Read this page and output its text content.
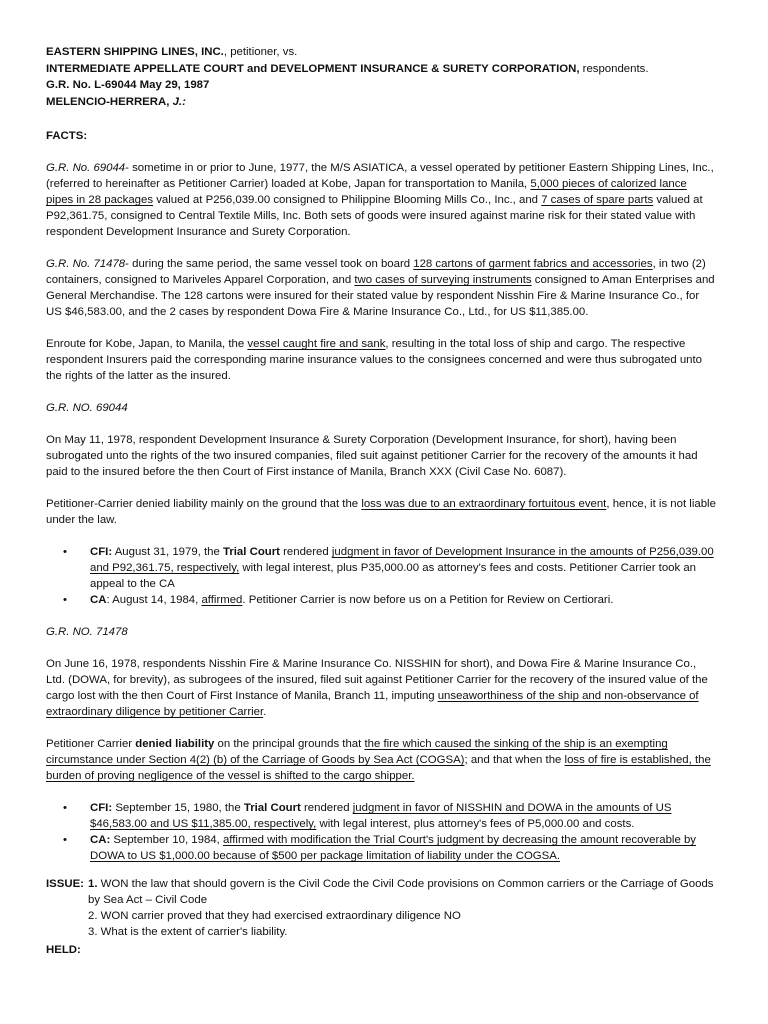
EASTERN SHIPPING LINES, INC., petitioner, vs.
INTERMEDIATE APPELLATE COURT and DEVELOPMENT INSURANCE & SURETY CORPORATION, respondents.
G.R. No. L-69044 May 29, 1987
MELENCIO-HERRERA, J.:

FACTS:

G.R. No. 69044- sometime in or prior to June, 1977, the M/S ASIATICA, a vessel operated by petitioner Eastern Shipping Lines, Inc., (referred to hereinafter as Petitioner Carrier) loaded at Kobe, Japan for transportation to Manila, 5,000 pieces of calorized lance pipes in 28 packages valued at P256,039.00 consigned to Philippine Blooming Mills Co., Inc., and 7 cases of spare parts valued at P92,361.75, consigned to Central Textile Mills, Inc. Both sets of goods were insured against marine risk for their stated value with respondent Development Insurance and Surety Corporation.

G.R. No. 71478- during the same period, the same vessel took on board 128 cartons of garment fabrics and accessories, in two (2) containers, consigned to Mariveles Apparel Corporation, and two cases of surveying instruments consigned to Aman Enterprises and General Merchandise. The 128 cartons were insured for their stated value by respondent Nisshin Fire & Marine Insurance Co., for US $46,583.00, and the 2 cases by respondent Dowa Fire & Marine Insurance Co., Ltd., for US $11,385.00.

Enroute for Kobe, Japan, to Manila, the vessel caught fire and sank, resulting in the total loss of ship and cargo. The respective respondent Insurers paid the corresponding marine insurance values to the consignees concerned and were thus subrogated unto the rights of the latter as the insured.

G.R. NO. 69044

On May 11, 1978, respondent Development Insurance & Surety Corporation (Development Insurance, for short), having been subrogated unto the rights of the two insured companies, filed suit against petitioner Carrier for the recovery of the amounts it had paid to the insured before the then Court of First instance of Manila, Branch XXX (Civil Case No. 6087).

Petitioner-Carrier denied liability mainly on the ground that the loss was due to an extraordinary fortuitous event, hence, it is not liable under the law.

• CFI: August 31, 1979, the Trial Court rendered judgment in favor of Development Insurance in the amounts of P256,039.00 and P92,361.75, respectively, with legal interest, plus P35,000.00 as attorney's fees and costs. Petitioner Carrier took an appeal to the CA
• CA: August 14, 1984, affirmed. Petitioner Carrier is now before us on a Petition for Review on Certiorari.

G.R. NO. 71478

On June 16, 1978, respondents Nisshin Fire & Marine Insurance Co. NISSHIN for short), and Dowa Fire & Marine Insurance Co., Ltd. (DOWA, for brevity), as subrogees of the insured, filed suit against Petitioner Carrier for the recovery of the insured value of the cargo lost with the then Court of First Instance of Manila, Branch 11, imputing unseaworthiness of the ship and non-observance of extraordinary diligence by petitioner Carrier.

Petitioner Carrier denied liability on the principal grounds that the fire which caused the sinking of the ship is an exempting circumstance under Section 4(2) (b) of the Carriage of Goods by Sea Act (COGSA); and that when the loss of fire is established, the burden of proving negligence of the vessel is shifted to the cargo shipper.

• CFI: September 15, 1980, the Trial Court rendered judgment in favor of NISSHIN and DOWA in the amounts of US $46,583.00 and US $11,385.00, respectively, with legal interest, plus attorney's fees of P5,000.00 and costs.
• CA: September 10, 1984, affirmed with modification the Trial Court's judgment by decreasing the amount recoverable by DOWA to US $1,000.00 because of $500 per package limitation of liability under the COGSA.
ISSUE: 1. WON the law that should govern is the Civil Code the Civil Code provisions on Common carriers or the Carriage of Goods by Sea Act – Civil Code
2. WON carrier proved that they had exercised extraordinary diligence NO
3. What is the extent of carrier's liability.

HELD:
